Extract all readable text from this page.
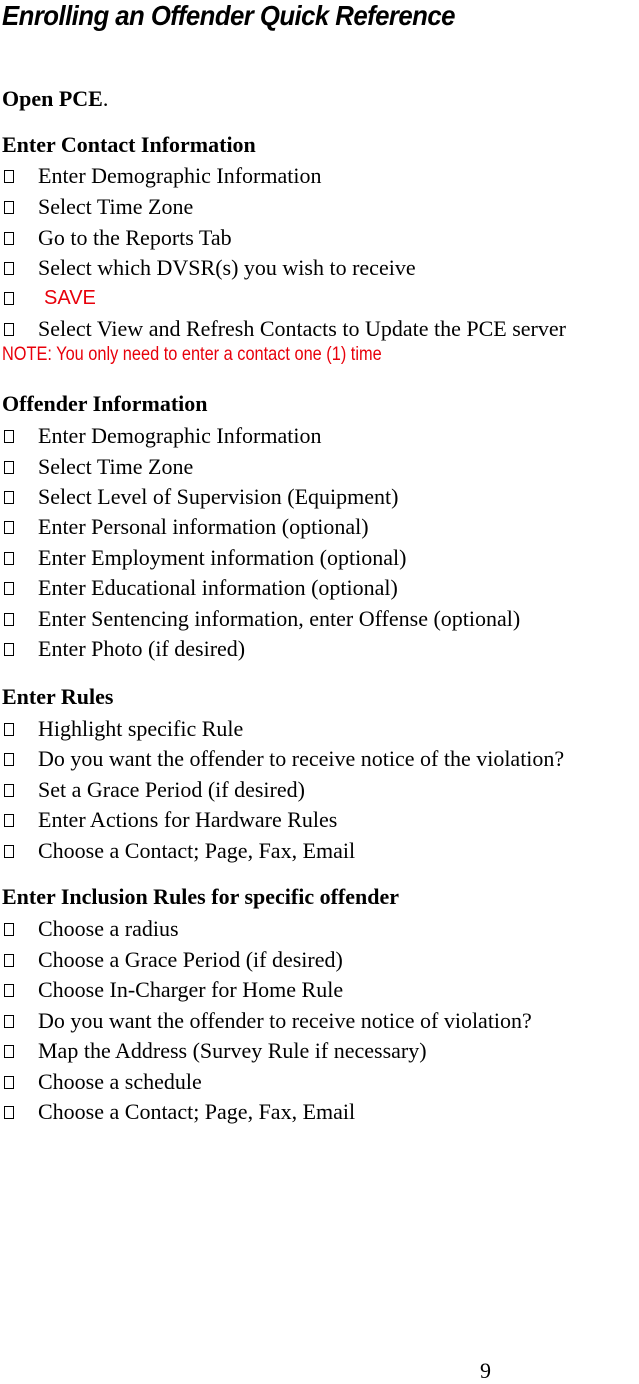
Enrolling an Offender Quick Reference
Open PCE.
Enter Contact Information
Enter Demographic Information
Select Time Zone
Go to the Reports Tab
Select which DVSR(s) you wish to receive
SAVE
Select View and Refresh Contacts to Update the PCE server
NOTE: You only need to enter a contact one (1) time
Offender Information
Enter Demographic Information
Select Time Zone
Select Level of Supervision (Equipment)
Enter Personal information (optional)
Enter Employment information (optional)
Enter Educational information (optional)
Enter Sentencing information, enter Offense (optional)
Enter Photo (if desired)
Enter Rules
Highlight specific Rule
Do you want the offender to receive notice of the violation?
Set a Grace Period (if desired)
Enter Actions for Hardware Rules
Choose a Contact; Page, Fax, Email
Enter Inclusion Rules for specific offender
Choose a radius
Choose a Grace Period (if desired)
Choose In-Charger for Home Rule
Do you want the offender to receive notice of violation?
Map the Address (Survey Rule if necessary)
Choose a schedule
Choose a Contact; Page, Fax, Email
9
